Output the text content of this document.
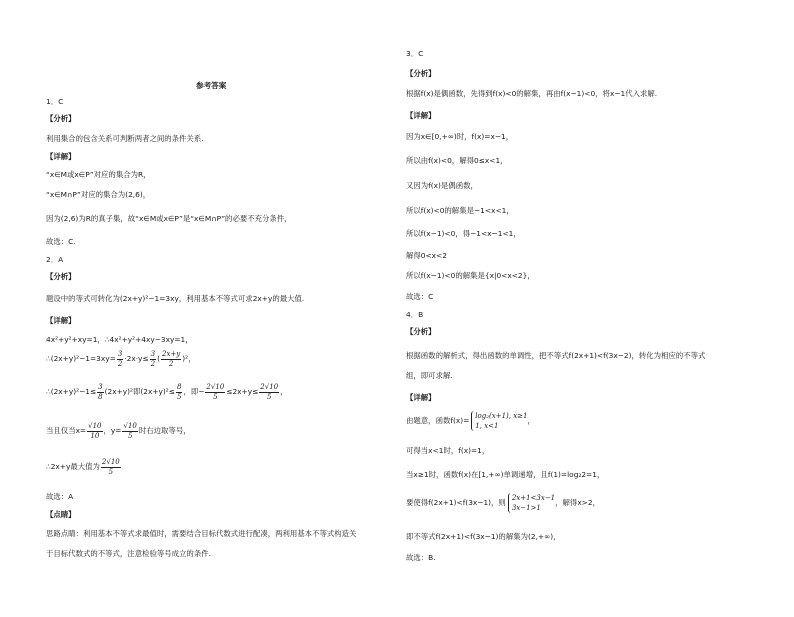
参考答案
1．C
【分析】
利用集合的包含关系可判断两者之间的条件关系.
【详解】
“x∈M或x∈P”对应的集合为R，
“x∈M∩P”对应的集合为(2,6)，
因为(2,6)为R的真子集，故“x∈M或x∈P”是“x∈M∩P”的必要不充分条件，
故选：C.
2．A
【分析】
题设中的等式可转化为(2x+y)²−1=3xy，利用基本不等式可求2x+y的最大值.
【详解】
4x²+y²+xy=1，∴4x²+y²+4xy−3xy=1，
∴(2x+y)²−1=3xy= $\frac{3}{2} \cdot 2x\cdot y\le \frac{3}{2}$ ( $\frac{2x+y}{2} )^2$，
∴(2x+y)²−1≤ $\frac{3}{8} (2x+y)^2$即$(2x+y)^2\le \frac{8}{5}$ ，即− $\frac{2√10}{5} \le 2x+y\le \frac{2√10}{5}$ ，
当且仅当$x= \frac{√10}{10}$ ，$y= \frac{√10}{5}$ 时右边取等号，
∴2x+y最大值为 $\frac{2√10}{5}$
故选：A
【点睛】
思路点睛：利用基本不等式求最值时，需要结合目标代数式进行配凑，两利用基本不等式构造关
于目标代数式的不等式，注意检验等号成立的条件.
3．C
【分析】
根据f(x)是偶函数，先得到f(x)<0的解集，再由f(x−1)<0，将x−1代入求解.
【详解】
因为x∈[0,+∞)时，f(x)=x−1，
所以由f(x)<0，解得0≤x<1，
又因为f(x)是偶函数，
所以f(x)<0的解集是−1<x<1，
所以f(x−1)<0，得−1<x−1<1，
解得0<x<2
所以f(x−1)<0的解集是{x|0<x<2}，
故选：C
4．B
【分析】
根据函数的解析式，得出函数的单调性，把不等式f(2x+1)<f(3x−2)，转化为相应的不等式
组，即可求解.
【详解】
由题意，函数f(x)= log₂(x+1), x≥1
1, x<1
，
可得当x<1时，f(x)=1，
当x≥1时，函数f(x)在[1,+∞)单调递增，且f(1)=log₂2=1，
要使得f(2x+1)<f(3x−1)，则 2x+1<3x−1
3x−1>1
，解得x>2，
即不等式f(2x+1)<f(3x−1)的解集为(2,+∞)，
故选：B.
